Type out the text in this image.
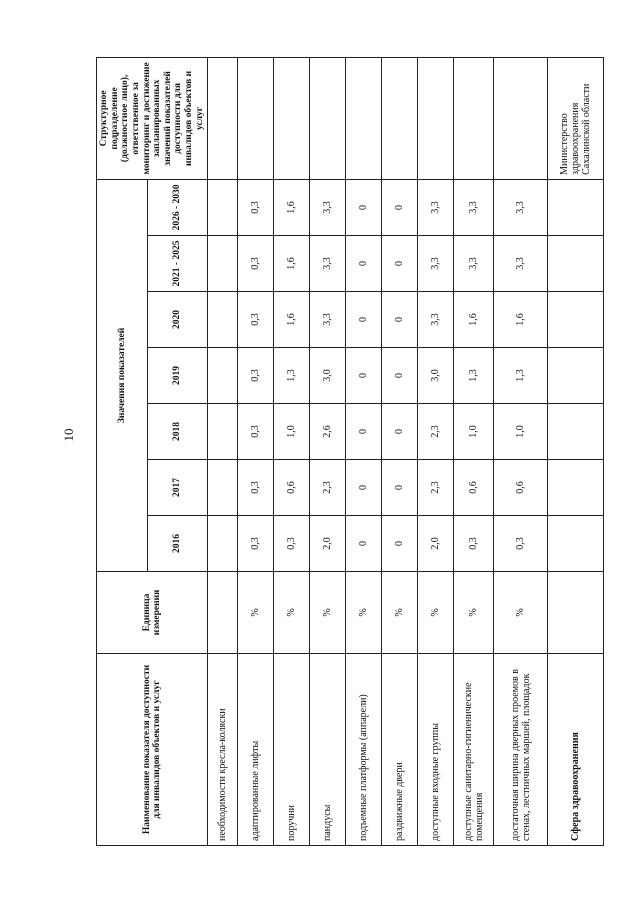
10
Наименование показателя доступности для инвалидов объектов и услуг	Единица измерения	Значения показателей							Структурное подразделение (должностное лицо), ответственное за мониторинг и достижение запланированных значений показателей доступности для инвалидов объектов и услуг
		2016	2017	2018	2019	2020	2021 - 2025	2026 - 2030	
необходимости кресла-коляски									
адаптированные лифты	%	0,3	0,3	0,3	0,3	0,3	0,3	0,3	
поручни	%	0,3	0,6	1,0	1,3	1,6	1,6	1,6	
пандусы	%	2,0	2,3	2,6	3,0	3,3	3,3	3,3	
подъемные платформы (аппарели)	%	0	0	0	0	0	0	0	
раздвижные двери	%	0	0	0	0	0	0	0	
доступные входные группы	%	2,0	2,3	2,3	3,0	3,3	3,3	3,3	
доступные санитарно-гигиенические помещения	%	0,3	0,6	1,0	1,3	1,6	3,3	3,3	
достаточная ширина дверных проемов в стенах, лестничных маршей, площадок	%	0,3	0,6	1,0	1,3	1,6	3,3	3,3	
Сфера здравоохранения									Министерство здравоохранения Сахалинской области
